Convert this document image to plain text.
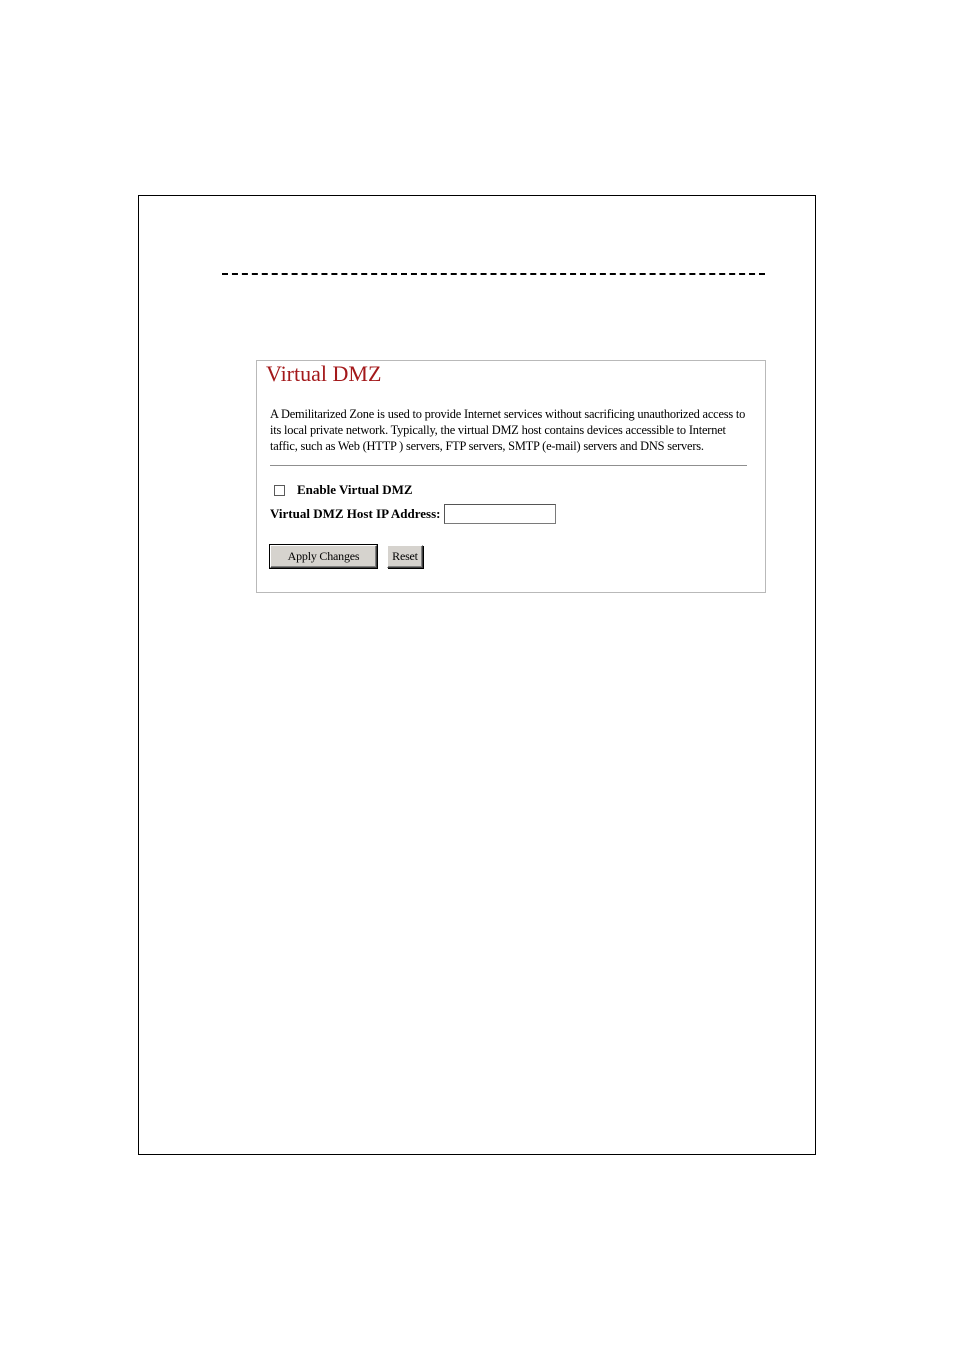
Virtual DMZ

A Demilitarized Zone is used to provide Internet services without sacrificing unauthorized access to its local private network. Typically, the virtual DMZ host contains devices accessible to Internet taffic, such as Web (HTTP ) servers, FTP servers, SMTP (e-mail) servers and DNS servers.

Enable Virtual DMZ
Virtual DMZ Host IP Address:
Apply Changes	Reset
